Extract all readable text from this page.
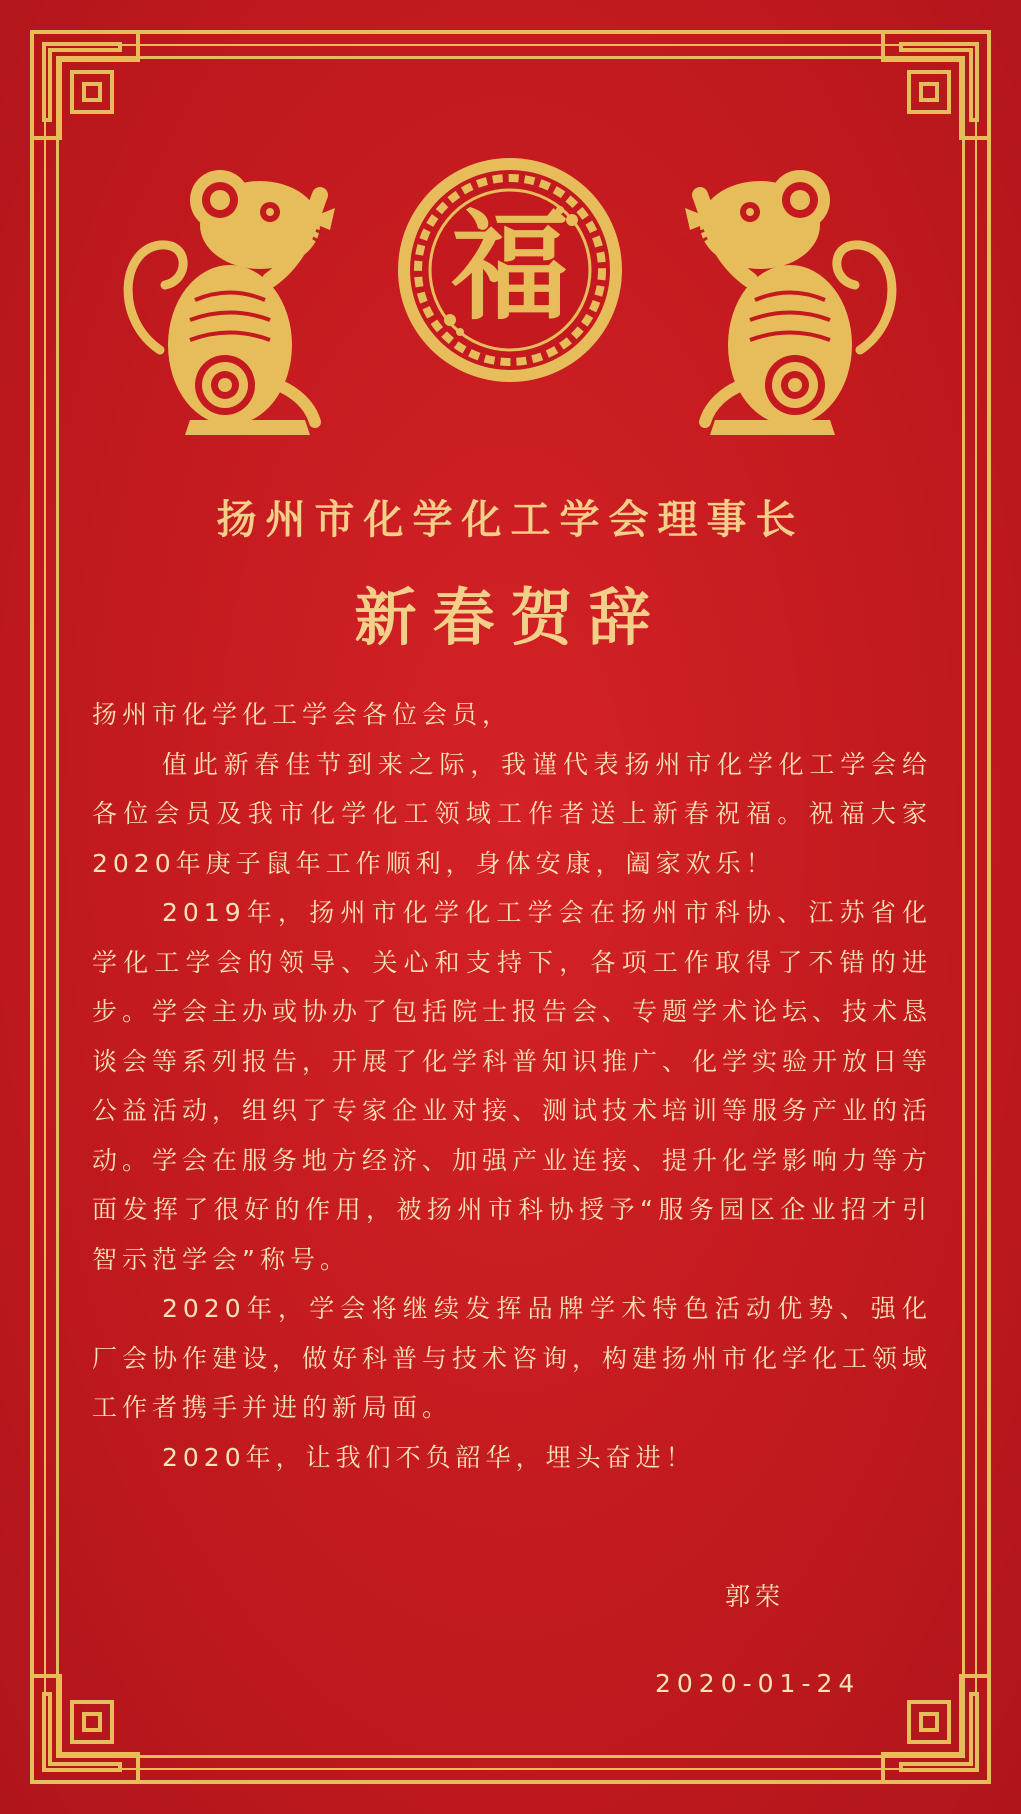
福
扬州市化学化工学会理事长
新春贺辞

扬州市化学化工学会各位会员，

值此新春佳节到来之际，我谨代表扬州市化学化工学会给各位会员及我市化学化工领域工作者送上新春祝福。祝福大家2020年庚子鼠年工作顺利，身体安康，阖家欢乐！

2019年，扬州市化学化工学会在扬州市科协、江苏省化学化工学会的领导、关心和支持下，各项工作取得了不错的进步。学会主办或协办了包括院士报告会、专题学术论坛、技术恳谈会等系列报告，开展了化学科普知识推广、化学实验开放日等公益活动，组织了专家企业对接、测试技术培训等服务产业的活动。学会在服务地方经济、加强产业连接、提升化学影响力等方面发挥了很好的作用，被扬州市科协授予“服务园区企业招才引智示范学会”称号。

2020年，学会将继续发挥品牌学术特色活动优势、强化厂会协作建设，做好科普与技术咨询，构建扬州市化学化工领域工作者携手并进的新局面。

2020年，让我们不负韶华，埋头奋进！

郭荣
2020-01-24
